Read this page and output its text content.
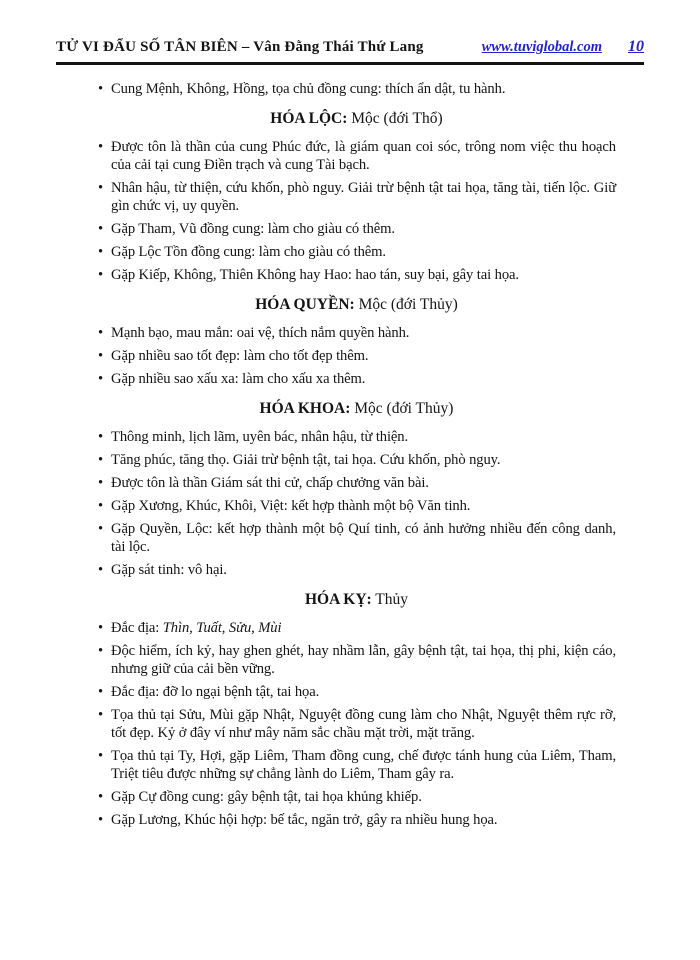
TỬ VI ĐẨU SỐ TÂN BIÊN – Vân Đằng Thái Thứ Lang	www.tuviglobal.com 10
• Cung Mệnh, Không, Hồng, tọa chủ đồng cung: thích ẩn dật, tu hành.
HÓA LỘC: Mộc (đới Thổ)
• Được tôn là thần của cung Phúc đức, là giám quan coi sóc, trông nom việc thu hoạch của cải tại cung Điền trạch và cung Tài bạch.
• Nhân hậu, từ thiện, cứu khốn, phò nguy. Giải trừ bệnh tật tai họa, tăng tài, tiến lộc. Giữ gìn chức vị, uy quyền.
• Gặp Tham, Vũ đồng cung: làm cho giàu có thêm.
• Gặp Lộc Tồn đồng cung: làm cho giàu có thêm.
• Gặp Kiếp, Không, Thiên Không hay Hao: hao tán, suy bại, gây tai họa.
HÓA QUYỀN: Mộc (đới Thủy)
• Mạnh bạo, mau mắn: oai vệ, thích nắm quyền hành.
• Gặp nhiều sao tốt đẹp: làm cho tốt đẹp thêm.
• Gặp nhiều sao xấu xa: làm cho xấu xa thêm.
HÓA KHOA: Mộc (đới Thủy)
• Thông minh, lịch lãm, uyên bác, nhân hậu, từ thiện.
• Tăng phúc, tăng thọ. Giải trừ bệnh tật, tai họa. Cứu khốn, phò nguy.
• Được tôn là thần Giám sát thi cử, chấp chưởng văn bài.
• Gặp Xương, Khúc, Khôi, Việt: kết hợp thành một bộ Văn tinh.
• Gặp Quyền, Lộc: kết hợp thành một bộ Quí tinh, có ảnh hưởng nhiều đến công danh, tài lộc.
• Gặp sát tinh: vô hại.
HÓA KỴ: Thủy
• Đắc địa: Thìn, Tuất, Sửu, Mùi
• Độc hiểm, ích kỷ, hay ghen ghét, hay nhầm lẫn, gây bệnh tật, tai họa, thị phi, kiện cáo, nhưng giữ của cải bền vững.
• Đắc địa: đỡ lo ngại bệnh tật, tai họa.
• Tọa thủ tại Sửu, Mùi gặp Nhật, Nguyệt đồng cung làm cho Nhật, Nguyệt thêm rực rỡ, tốt đẹp. Kỷ ở đây ví như mây năm sắc chầu mặt trời, mặt trăng.
• Tọa thủ tại Ty, Hợi, gặp Liêm, Tham đồng cung, chế được tánh hung của Liêm, Tham, Triệt tiêu được những sự chẳng lành do Liêm, Tham gây ra.
• Gặp Cự đồng cung: gây bệnh tật, tai họa khủng khiếp.
• Gặp Lương, Khúc hội hợp: bế tắc, ngăn trở, gây ra nhiều hung họa.
